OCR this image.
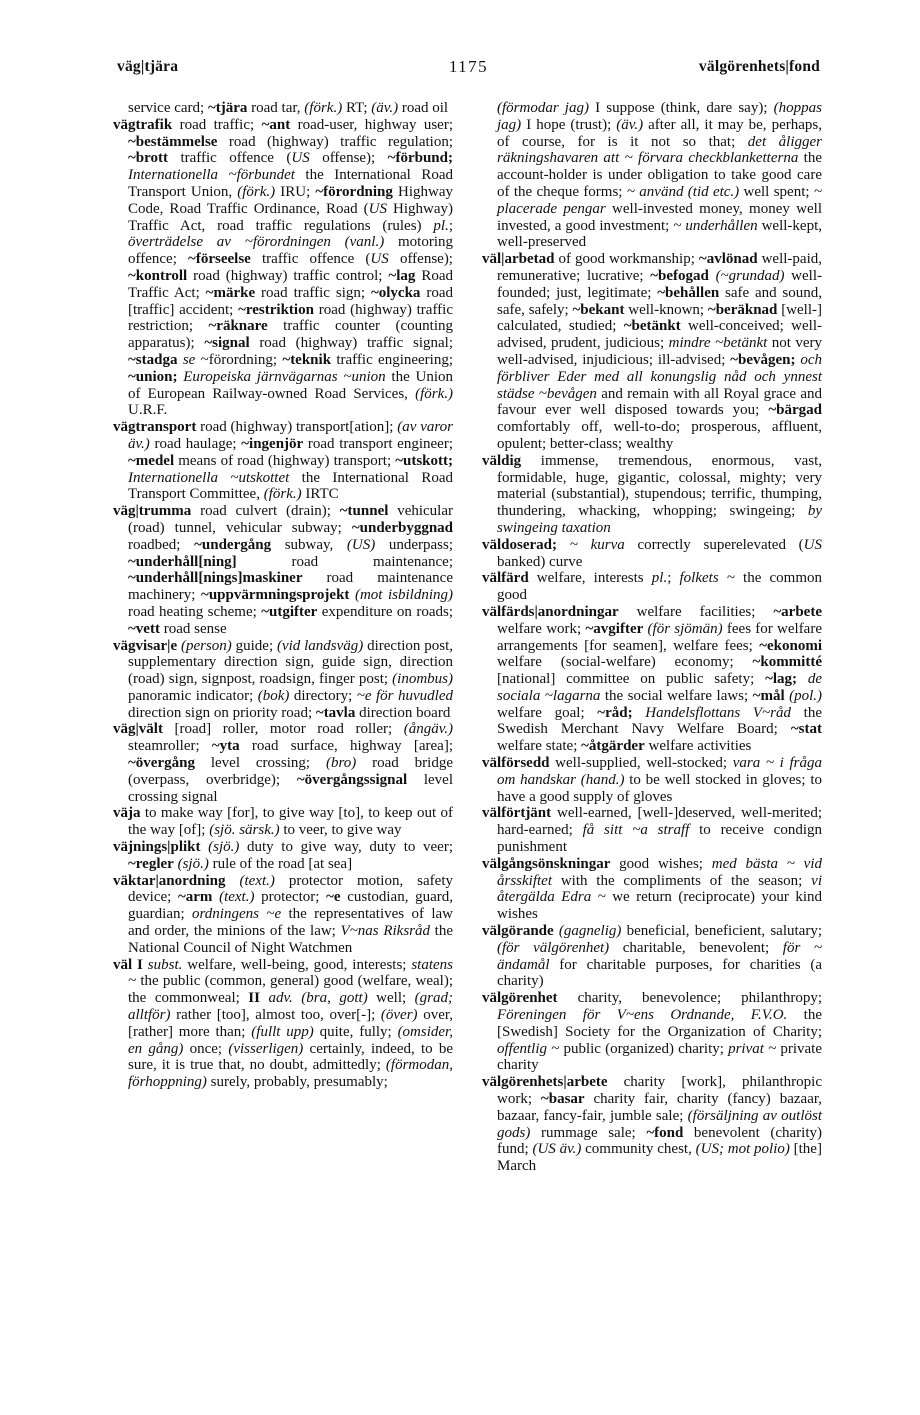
väg|tjära	1175	välgörenhets|fond

service card; ~tjära road tar, (förk.) RT; (äv.) road oil

vägtrafik road traffic; ~ant road-user, highway user; ~bestämmelse road (highway) traffic regulation; ~brott traffic offence (US offense); ~förbund; Internationella ~förbundet the International Road Transport Union, (förk.) IRU; ~förordning Highway Code, Road Traffic Ordinance, Road (US Highway) Traffic Act, road traffic regulations (rules) pl.; överträdelse av ~förordningen (vanl.) motoring offence; ~förseelse traffic offence (US offense); ~kontroll road (highway) traffic control; ~lag Road Traffic Act; ~märke road traffic sign; ~olycka road [traffic] accident; ~restriktion road (highway) traffic restriction; ~räknare traffic counter (counting apparatus); ~signal road (highway) traffic signal; ~stadga se ~förordning; ~teknik traffic engineering; ~union; Europeiska järnvägarnas ~union the Union of European Railway-owned Road Services, (förk.) U.R.F.

vägtransport road (highway) transport[ation]; (av varor äv.) road haulage; ~ingenjör road transport engineer; ~medel means of road (highway) transport; ~utskott; Internationella ~utskottet the International Road Transport Committee, (förk.) IRTC

väg|trumma road culvert (drain); ~tunnel vehicular (road) tunnel, vehicular subway; ~underbyggnad roadbed; ~undergång subway, (US) underpass; ~underhåll[ning] road maintenance; ~underhåll[nings]maskiner road maintenance machinery; ~uppvärmningsprojekt (mot isbildning) road heating scheme; ~utgifter expenditure on roads; ~vett road sense

vägvisar|e (person) guide; (vid landsväg) direction post, supplementary direction sign, guide sign, direction (road) sign, signpost, roadsign, finger post; (inombus) panoramic indicator; (bok) directory; ~e för huvudled direction sign on priority road; ~tavla direction board

väg|vält [road] roller, motor road roller; (ångäv.) steamroller; ~yta road surface, highway [area]; ~övergång level crossing; (bro) road bridge (overpass, overbridge); ~övergångssignal level crossing signal

väja to make way [for], to give way [to], to keep out of the way [of]; (sjö. särsk.) to veer, to give way

väjnings|plikt (sjö.) duty to give way, duty to veer; ~regler (sjö.) rule of the road [at sea]

väktar|anordning (text.) protector motion, safety device; ~arm (text.) protector; ~e custodian, guard, guardian; ordningens ~e the representatives of law and order, the minions of the law; V~nas Riksråd the National Council of Night Watchmen

väl I subst. welfare, well-being, good, interests; statens ~ the public (common, general) good (welfare, weal); the commonweal; II adv. (bra, gott) well; (grad; alltför) rather [too], almost too, over[-]; (över) over, [rather] more than; (fullt upp) quite, fully; (omsider, en gång) once; (visserligen) certainly, indeed, to be sure, it is true that, no doubt, admittedly; (förmodan, förhoppning) surely, probably, presumably;

(förmodar jag) I suppose (think, dare say); (hoppas jag) I hope (trust); (äv.) after all, it may be, perhaps, of course, for is it not so that; det åligger räkningshavaren att ~ förvara checkblanketterna the account-holder is under obligation to take good care of the cheque forms; ~ använd (tid etc.) well spent; ~ placerade pengar well-invested money, money well invested, a good investment; ~ underhållen well-kept, well-preserved

väl|arbetad of good workmanship; ~avlönad well-paid, remunerative; lucrative; ~befogad (~grundad) well-founded; just, legitimate; ~behållen safe and sound, safe, safely; ~bekant well-known; ~beräknad [well-] calculated, studied; ~betänkt well-conceived; well-advised, prudent, judicious; mindre ~betänkt not very well-advised, injudicious; ill-advised; ~bevågen; och förbliver Eder med all konungslig nåd och ynnest städse ~bevågen and remain with all Royal grace and favour ever well disposed towards you; ~bärgad comfortably off, well-to-do; prosperous, affluent, opulent; better-class; wealthy

väldig immense, tremendous, enormous, vast, formidable, huge, gigantic, colossal, mighty; very material (substantial), stupendous; terrific, thumping, thundering, whacking, whopping; swingeing; by swingeing taxation

väldoserad; ~ kurva correctly superelevated (US banked) curve

välfärd welfare, interests pl.; folkets ~ the common good

välfärds|anordningar welfare facilities; ~arbete welfare work; ~avgifter (för sjömän) fees for welfare arrangements [for seamen], welfare fees; ~ekonomi welfare (social-welfare) economy; ~kommitté [national] committee on public safety; ~lag; de sociala ~lagarna the social welfare laws; ~mål (pol.) welfare goal; ~råd; Handelsflottans V~råd the Swedish Merchant Navy Welfare Board; ~stat welfare state; ~åtgärder welfare activities

välförsedd well-supplied, well-stocked; vara ~ i fråga om handskar (hand.) to be well stocked in gloves; to have a good supply of gloves

välförtjänt well-earned, [well-]deserved, well-merited; hard-earned; få sitt ~a straff to receive condign punishment

välgångsönskningar good wishes; med bästa ~ vid årsskiftet with the compliments of the season; vi återgälda Edra ~ we return (reciprocate) your kind wishes

välgörande (gagnelig) beneficial, beneficient, salutary; (för välgörenhet) charitable, benevolent; för ~ ändamål for charitable purposes, for charities (a charity)

välgörenhet charity, benevolence; philanthropy; Föreningen för V~ens Ordnande, F.V.O. the [Swedish] Society for the Organization of Charity; offentlig ~ public (organized) charity; privat ~ private charity

välgörenhets|arbete charity [work], philanthropic work; ~basar charity fair, charity (fancy) bazaar, bazaar, fancy-fair, jumble sale; (försäljning av outlöst gods) rummage sale; ~fond benevolent (charity) fund; (US äv.) community chest, (US; mot polio) [the] March
